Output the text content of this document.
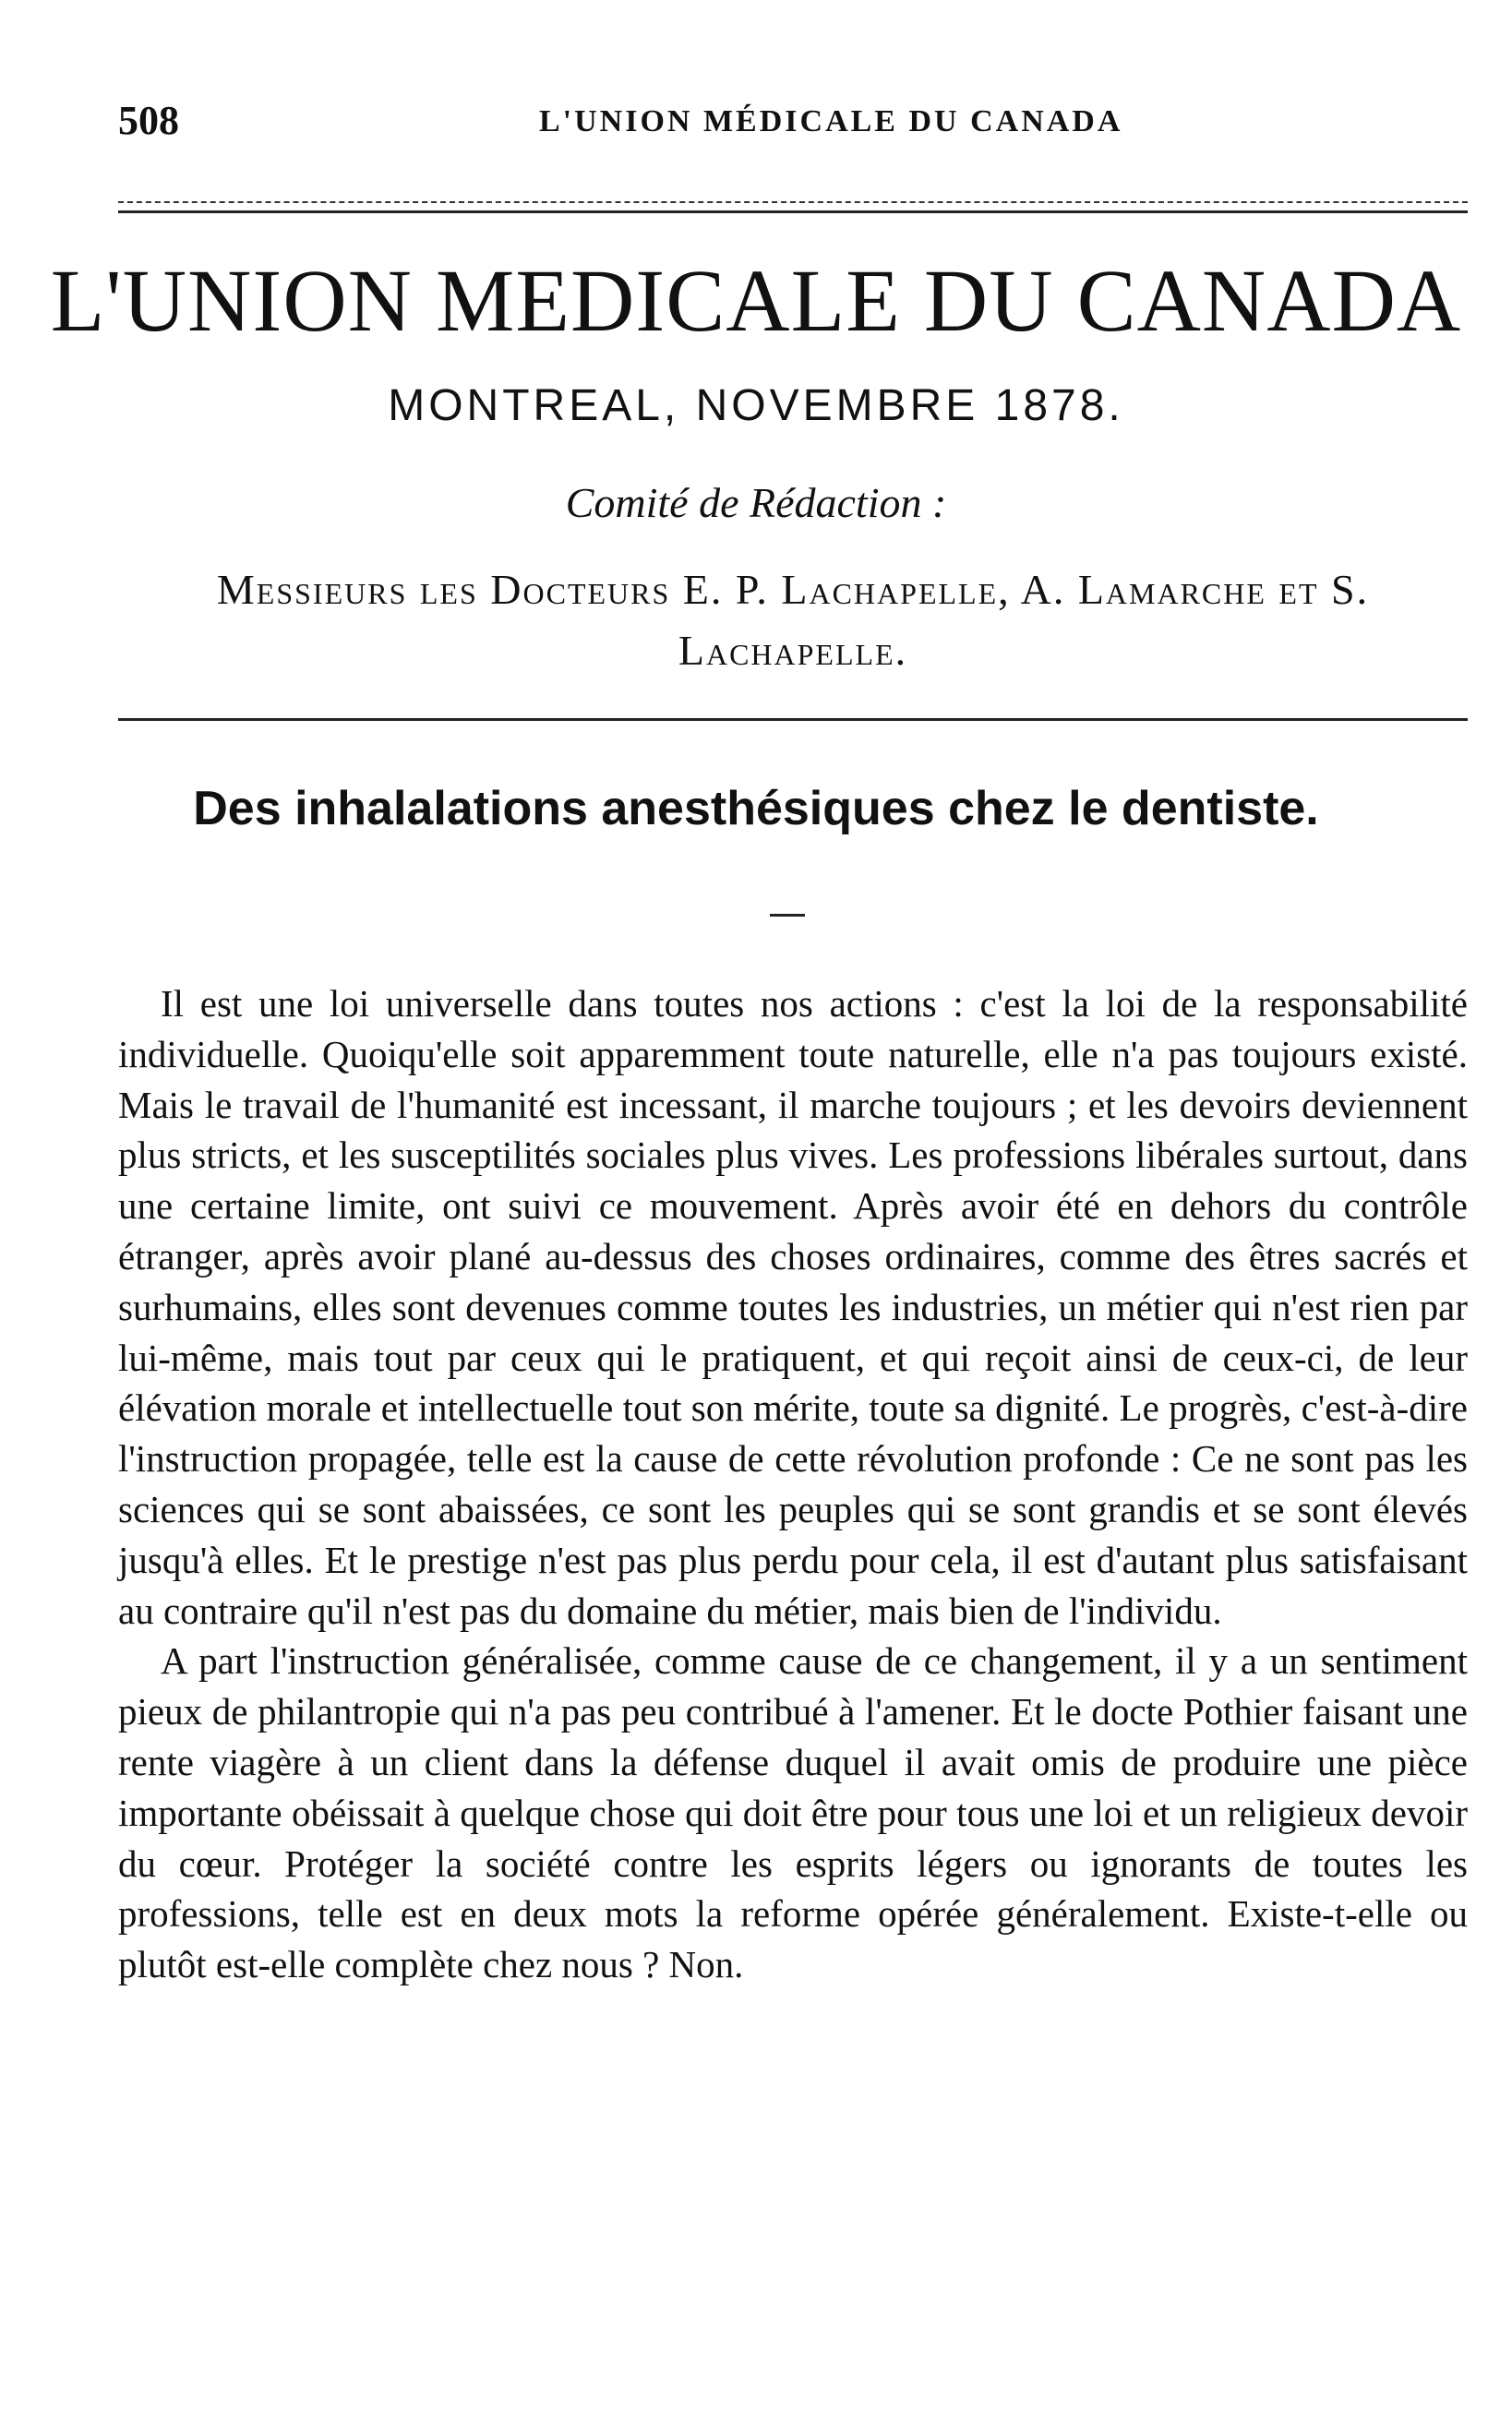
508	L'UNION MÉDICALE DU CANADA
L'UNION MEDICALE DU CANADA
MONTREAL, NOVEMBRE 1878.
Comité de Rédaction :
Messieurs les Docteurs E. P. Lachapelle, A. Lamarche et S. Lachapelle.
Des inhalalations anesthésiques chez le dentiste.

Il est une loi universelle dans toutes nos actions : c'est la loi de la responsabilité individuelle. Quoiqu'elle soit apparemment toute naturelle, elle n'a pas toujours existé. Mais le travail de l'humanité est incessant, il marche toujours ; et les devoirs deviennent plus stricts, et les susceptilités sociales plus vives. Les professions libérales surtout, dans une certaine limite, ont suivi ce mouvement. Après avoir été en dehors du contrôle étranger, après avoir plané au-dessus des choses ordinaires, comme des êtres sacrés et surhumains, elles sont devenues comme toutes les industries, un métier qui n'est rien par lui-même, mais tout par ceux qui le pratiquent, et qui reçoit ainsi de ceux-ci, de leur élévation morale et intellectuelle tout son mérite, toute sa dignité. Le progrès, c'est-à-dire l'instruction propagée, telle est la cause de cette révolution profonde : Ce ne sont pas les sciences qui se sont abaissées, ce sont les peuples qui se sont grandis et se sont élevés jusqu'à elles. Et le prestige n'est pas plus perdu pour cela, il est d'autant plus satisfaisant au contraire qu'il n'est pas du domaine du métier, mais bien de l'individu.

A part l'instruction généralisée, comme cause de ce changement, il y a un sentiment pieux de philantropie qui n'a pas peu contribué à l'amener. Et le docte Pothier faisant une rente viagère à un client dans la défense duquel il avait omis de produire une pièce importante obéissait à quelque chose qui doit être pour tous une loi et un religieux devoir du cœur. Protéger la société contre les esprits légers ou ignorants de toutes les professions, telle est en deux mots la reforme opérée généralement. Existe-t-elle ou plutôt est-elle complète chez nous ? Non.
